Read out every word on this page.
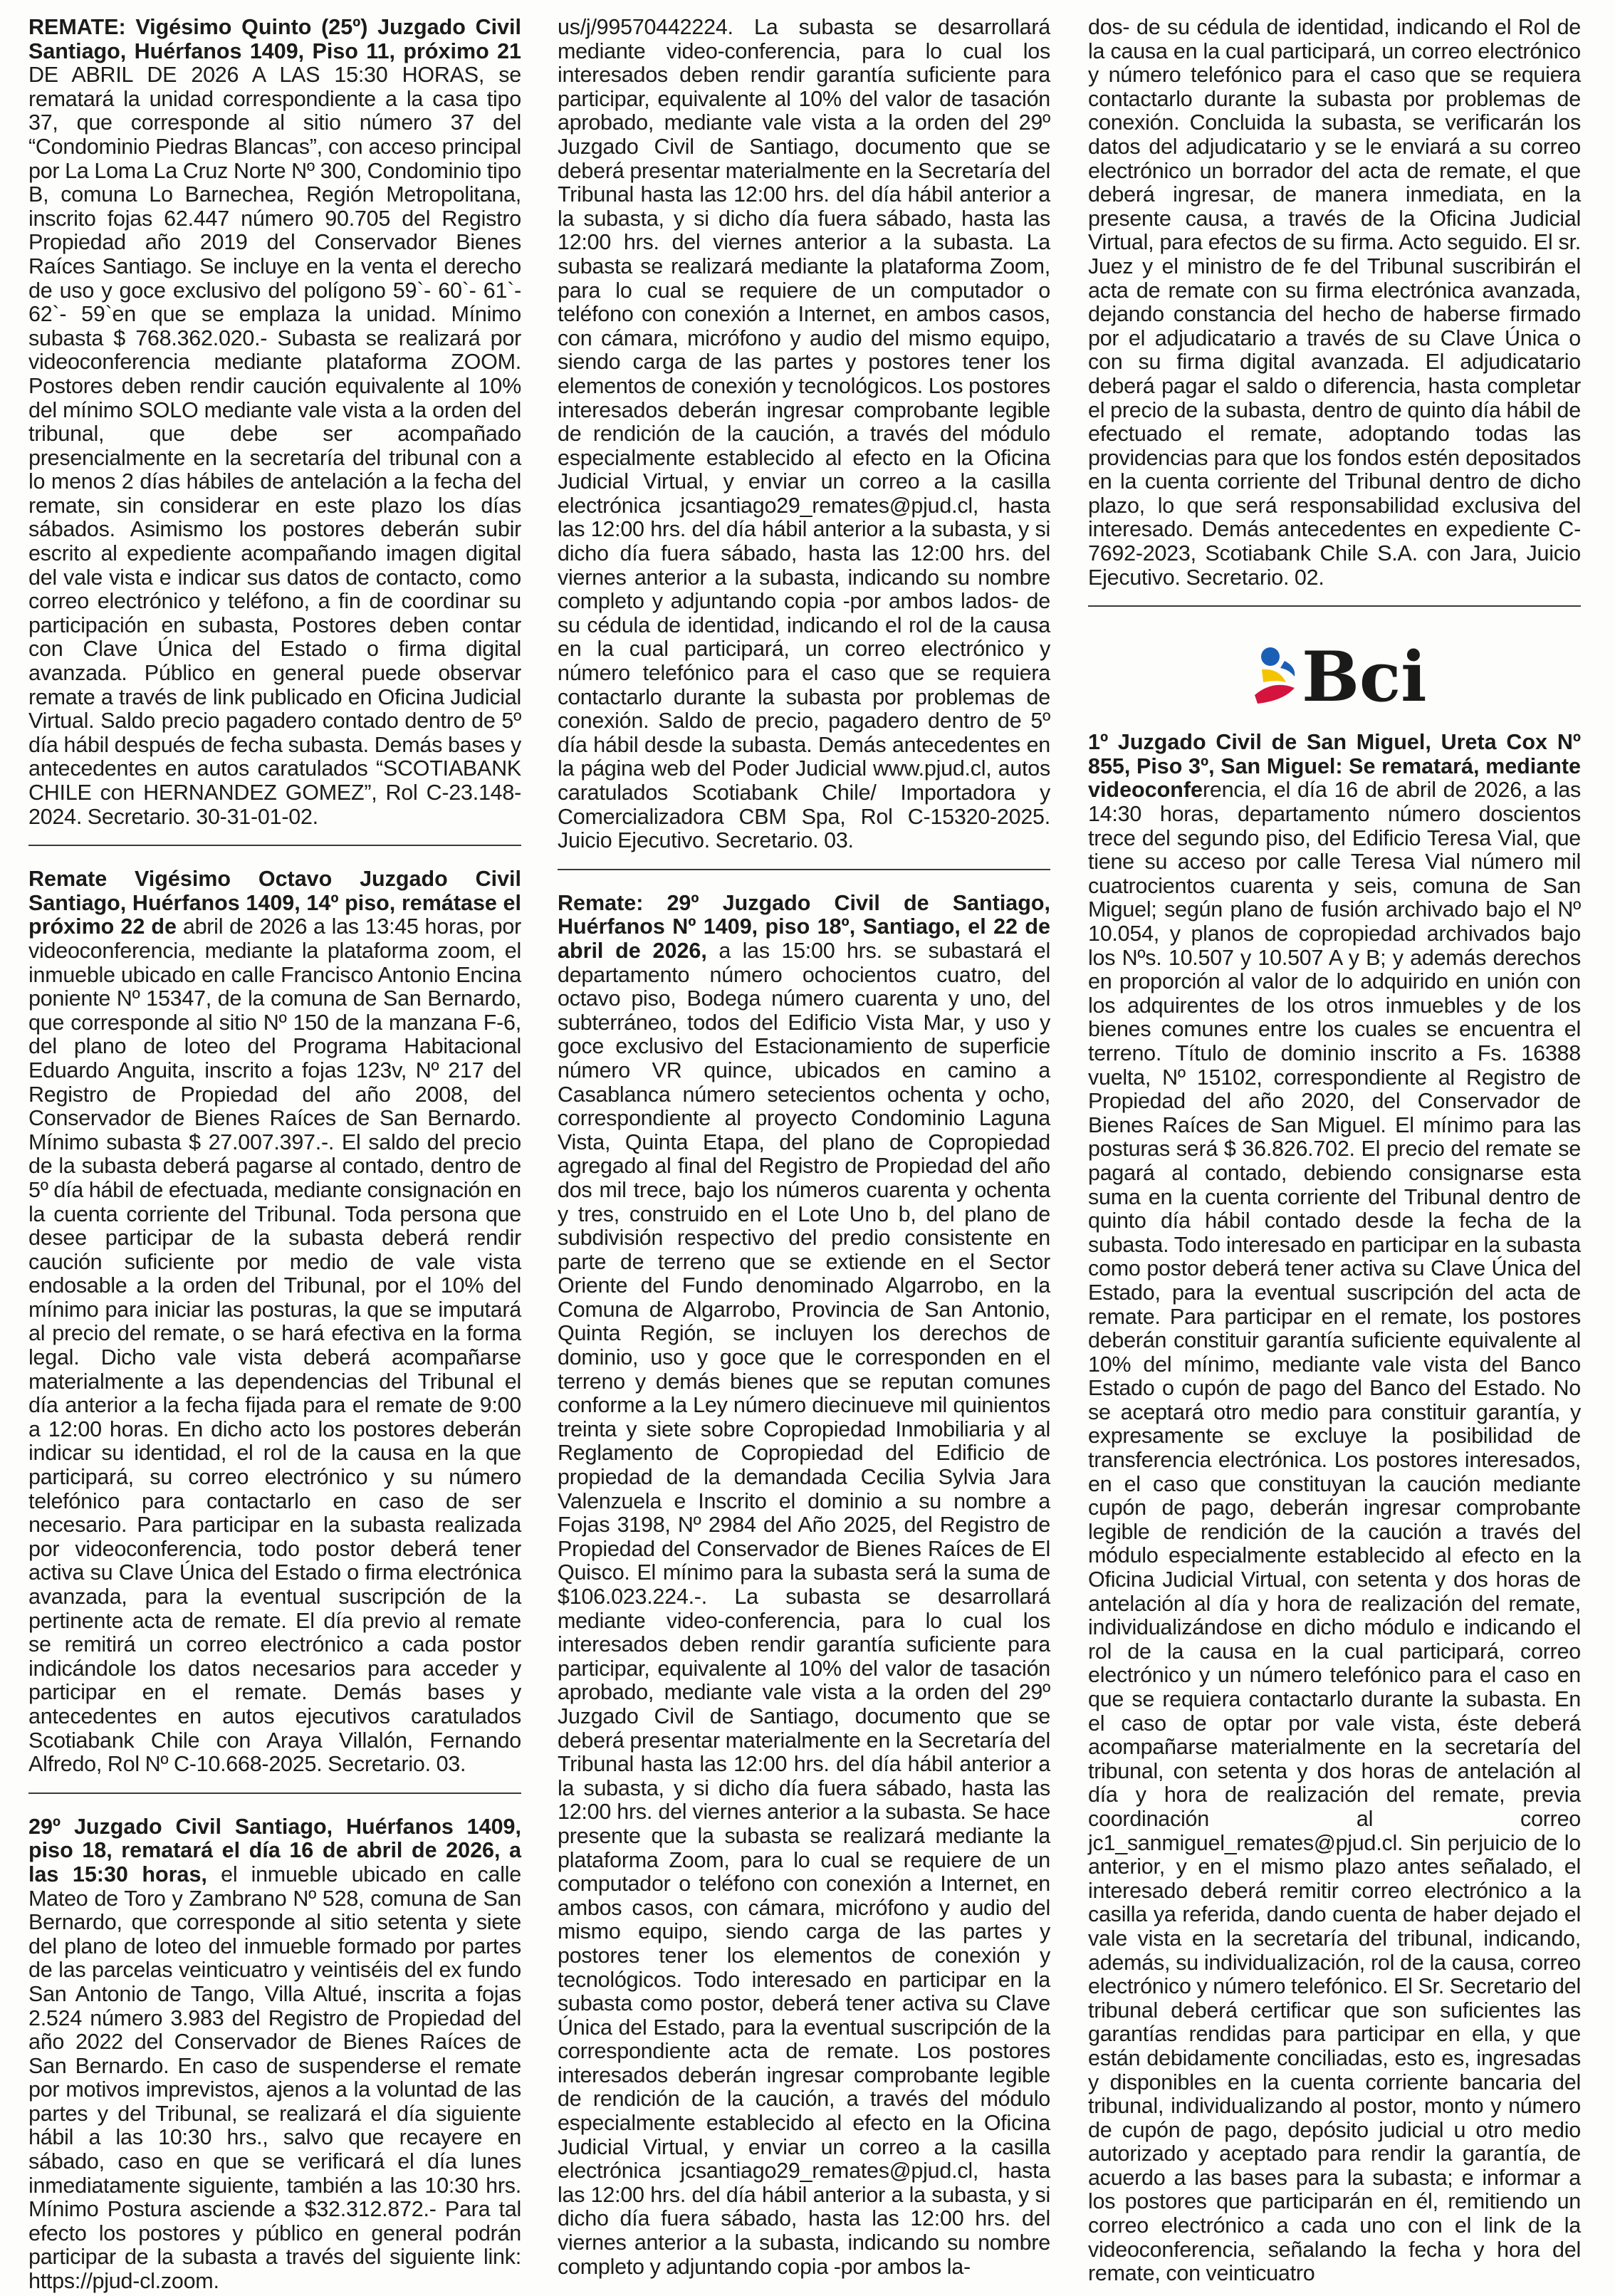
REMATE: Vigésimo Quinto (25º) Juzgado Civil Santiago, Huérfanos 1409, Piso 11, próximo 21 DE ABRIL DE 2026 A LAS 15:30 HORAS, se rematará la unidad correspondiente a la casa tipo 37, que corresponde al sitio número 37 del “Condominio Piedras Blancas”, con acceso principal por La Loma La Cruz Norte Nº 300, Condominio tipo B, comuna Lo Barnechea, Región Metropolitana, inscrito fojas 62.447 número 90.705 del Registro Propiedad año 2019 del Conservador Bienes Raíces Santiago. Se incluye en la venta el derecho de uso y goce exclusivo del polígono 59`- 60`- 61`- 62`- 59`en que se emplaza la unidad. Mínimo subasta $ 768.362.020.- Subasta se realizará por videoconferencia mediante plataforma ZOOM. Postores deben rendir caución equivalente al 10% del mínimo SOLO mediante vale vista a la orden del tribunal, que debe ser acompañado presencialmente en la secretaría del tribunal con a lo menos 2 días hábiles de antelación a la fecha del remate, sin considerar en este plazo los días sábados. Asimismo los postores deberán subir escrito al expediente acompañando imagen digital del vale vista e indicar sus datos de contacto, como correo electrónico y teléfono, a fin de coordinar su participación en subasta, Postores deben contar con Clave Única del Estado o firma digital avanzada. Público en general puede observar remate a través de link publicado en Oficina Judicial Virtual. Saldo precio pagadero contado dentro de 5º día hábil después de fecha subasta. Demás bases y antecedentes en autos caratulados “SCOTIABANK CHILE con HERNANDEZ GOMEZ”, Rol C-23.148-2024. Secretario. 30-31-01-02.

Remate Vigésimo Octavo Juzgado Civil Santiago, Huérfanos 1409, 14º piso, remátase el próximo 22 de abril de 2026 a las 13:45 horas, por videoconferencia, mediante la plataforma zoom, el inmueble ubicado en calle Francisco Antonio Encina poniente Nº 15347, de la comuna de San Bernardo, que corresponde al sitio Nº 150 de la manzana F-6, del plano de loteo del Programa Habitacional Eduardo Anguita, inscrito a fojas 123v, Nº 217 del Registro de Propiedad del año 2008, del Conservador de Bienes Raíces de San Bernardo. Mínimo subasta $ 27.007.397.-. El saldo del precio de la subasta deberá pagarse al contado, dentro de 5º día hábil de efectuada, mediante consignación en la cuenta corriente del Tribunal. Toda persona que desee participar de la subasta deberá rendir caución suficiente por medio de vale vista endosable a la orden del Tribunal, por el 10% del mínimo para iniciar las posturas, la que se imputará al precio del remate, o se hará efectiva en la forma legal. Dicho vale vista deberá acompañarse materialmente a las dependencias del Tribunal el día anterior a la fecha fijada para el remate de 9:00 a 12:00 horas. En dicho acto los postores deberán indicar su identidad, el rol de la causa en la que participará, su correo electrónico y su número telefónico para contactarlo en caso de ser necesario. Para participar en la subasta realizada por videoconferencia, todo postor deberá tener activa su Clave Única del Estado o firma electrónica avanzada, para la eventual suscripción de la pertinente acta de remate. El día previo al remate se remitirá un correo electrónico a cada postor indicándole los datos necesarios para acceder y participar en el remate. Demás bases y antecedentes en autos ejecutivos caratulados Scotiabank Chile con Araya Villalón, Fernando Alfredo, Rol Nº C-10.668-2025. Secretario. 03.

29º Juzgado Civil Santiago, Huérfanos 1409, piso 18, rematará el día 16 de abril de 2026, a las 15:30 horas, el inmueble ubicado en calle Mateo de Toro y Zambrano Nº 528, comuna de San Bernardo, que corresponde al sitio setenta y siete del plano de loteo del inmueble formado por partes de las parcelas veinticuatro y veintiséis del ex fundo San Antonio de Tango, Villa Altué, inscrita a fojas 2.524 número 3.983 del Registro de Propiedad del año 2022 del Conservador de Bienes Raíces de San Bernardo. En caso de suspenderse el remate por motivos imprevistos, ajenos a la voluntad de las partes y del Tribunal, se realizará el día siguiente hábil a las 10:30 hrs., salvo que recayere en sábado, caso en que se verificará el día lunes inmediatamente siguiente, también a las 10:30 hrs. Mínimo Postura asciende a $32.312.872.- Para tal efecto los postores y público en general podrán participar de la subasta a través del siguiente link: https://pjud-cl.zoom.

us/j/99570442224. La subasta se desarrollará mediante video-conferencia, para lo cual los interesados deben rendir garantía suficiente para participar, equivalente al 10% del valor de tasación aprobado, mediante vale vista a la orden del 29º Juzgado Civil de Santiago, documento que se deberá presentar materialmente en la Secretaría del Tribunal hasta las 12:00 hrs. del día hábil anterior a la subasta, y si dicho día fuera sábado, hasta las 12:00 hrs. del viernes anterior a la subasta. La subasta se realizará mediante la plataforma Zoom, para lo cual se requiere de un computador o teléfono con conexión a Internet, en ambos casos, con cámara, micrófono y audio del mismo equipo, siendo carga de las partes y postores tener los elementos de conexión y tecnológicos. Los postores interesados deberán ingresar comprobante legible de rendición de la caución, a través del módulo especialmente establecido al efecto en la Oficina Judicial Virtual, y enviar un correo a la casilla electrónica jcsantiago29_remates@pjud.cl, hasta las 12:00 hrs. del día hábil anterior a la subasta, y si dicho día fuera sábado, hasta las 12:00 hrs. del viernes anterior a la subasta, indicando su nombre completo y adjuntando copia -por ambos lados- de su cédula de identidad, indicando el rol de la causa en la cual participará, un correo electrónico y número telefónico para el caso que se requiera contactarlo durante la subasta por problemas de conexión. Saldo de precio, pagadero dentro de 5º día hábil desde la subasta. Demás antecedentes en la página web del Poder Judicial www.pjud.cl, autos caratulados Scotiabank Chile/ Importadora y Comercializadora CBM Spa, Rol C-15320-2025. Juicio Ejecutivo. Secretario. 03.

Remate: 29º Juzgado Civil de Santiago, Huérfanos Nº 1409, piso 18º, Santiago, el 22 de abril de 2026, a las 15:00 hrs. se subastará el departamento número ochocientos cuatro, del octavo piso, Bodega número cuarenta y uno, del subterráneo, todos del Edificio Vista Mar, y uso y goce exclusivo del Estacionamiento de superficie número VR quince, ubicados en camino a Casablanca número setecientos ochenta y ocho, correspondiente al proyecto Condominio Laguna Vista, Quinta Etapa, del plano de Copropiedad agregado al final del Registro de Propiedad del año dos mil trece, bajo los números cuarenta y ochenta y tres, construido en el Lote Uno b, del plano de subdivisión respectivo del predio consistente en parte de terreno que se extiende en el Sector Oriente del Fundo denominado Algarrobo, en la Comuna de Algarrobo, Provincia de San Antonio, Quinta Región, se incluyen los derechos de dominio, uso y goce que le corresponden en el terreno y demás bienes que se reputan comunes conforme a la Ley número diecinueve mil quinientos treinta y siete sobre Copropiedad Inmobiliaria y al Reglamento de Copropiedad del Edificio de propiedad de la demandada Cecilia Sylvia Jara Valenzuela e Inscrito el dominio a su nombre a Fojas 3198, Nº 2984 del Año 2025, del Registro de Propiedad del Conservador de Bienes Raíces de El Quisco. El mínimo para la subasta será la suma de $106.023.224.-. La subasta se desarrollará mediante video-conferencia, para lo cual los interesados deben rendir garantía suficiente para participar, equivalente al 10% del valor de tasación aprobado, mediante vale vista a la orden del 29º Juzgado Civil de Santiago, documento que se deberá presentar materialmente en la Secretaría del Tribunal hasta las 12:00 hrs. del día hábil anterior a la subasta, y si dicho día fuera sábado, hasta las 12:00 hrs. del viernes anterior a la subasta. Se hace presente que la subasta se realizará mediante la plataforma Zoom, para lo cual se requiere de un computador o teléfono con conexión a Internet, en ambos casos, con cámara, micrófono y audio del mismo equipo, siendo carga de las partes y postores tener los elementos de conexión y tecnológicos. Todo interesado en participar en la subasta como postor, deberá tener activa su Clave Única del Estado, para la eventual suscripción de la correspondiente acta de remate. Los postores interesados deberán ingresar comprobante legible de rendición de la caución, a través del módulo especialmente establecido al efecto en la Oficina Judicial Virtual, y enviar un correo a la casilla electrónica jcsantiago29_remates@pjud.cl, hasta las 12:00 hrs. del día hábil anterior a la subasta, y si dicho día fuera sábado, hasta las 12:00 hrs. del viernes anterior a la subasta, indicando su nombre completo y adjuntando copia -por ambos la-

dos- de su cédula de identidad, indicando el Rol de la causa en la cual participará, un correo electrónico y número telefónico para el caso que se requiera contactarlo durante la subasta por problemas de conexión. Concluida la subasta, se verificarán los datos del adjudicatario y se le enviará a su correo electrónico un borrador del acta de remate, el que deberá ingresar, de manera inmediata, en la presente causa, a través de la Oficina Judicial Virtual, para efectos de su firma. Acto seguido. El sr. Juez y el ministro de fe del Tribunal suscribirán el acta de remate con su firma electrónica avanzada, dejando constancia del hecho de haberse firmado por el adjudicatario a través de su Clave Única o con su firma digital avanzada. El adjudicatario deberá pagar el saldo o diferencia, hasta completar el precio de la subasta, dentro de quinto día hábil de efectuado el remate, adoptando todas las providencias para que los fondos estén depositados en la cuenta corriente del Tribunal dentro de dicho plazo, lo que será responsabilidad exclusiva del interesado. Demás antecedentes en expediente C-7692-2023, Scotiabank Chile S.A. con Jara, Juicio Ejecutivo. Secretario. 02.

Bci

1º Juzgado Civil de San Miguel, Ureta Cox Nº 855, Piso 3º, San Miguel: Se rematará, mediante videoconferencia, el día 16 de abril de 2026, a las 14:30 horas, departamento número doscientos trece del segundo piso, del Edificio Teresa Vial, que tiene su acceso por calle Teresa Vial número mil cuatrocientos cuarenta y seis, comuna de San Miguel; según plano de fusión archivado bajo el Nº 10.054, y planos de copropiedad archivados bajo los Nºs. 10.507 y 10.507 A y B; y además derechos en proporción al valor de lo adquirido en unión con los adquirentes de los otros inmuebles y de los bienes comunes entre los cuales se encuentra el terreno. Título de dominio inscrito a Fs. 16388 vuelta, Nº 15102, correspondiente al Registro de Propiedad del año 2020, del Conservador de Bienes Raíces de San Miguel. El mínimo para las posturas será $ 36.826.702. El precio del remate se pagará al contado, debiendo consignarse esta suma en la cuenta corriente del Tribunal dentro de quinto día hábil contado desde la fecha de la subasta. Todo interesado en participar en la subasta como postor deberá tener activa su Clave Única del Estado, para la eventual suscripción del acta de remate. Para participar en el remate, los postores deberán constituir garantía suficiente equivalente al 10% del mínimo, mediante vale vista del Banco Estado o cupón de pago del Banco del Estado. No se aceptará otro medio para constituir garantía, y expresamente se excluye la posibilidad de transferencia electrónica. Los postores interesados, en el caso que constituyan la caución mediante cupón de pago, deberán ingresar comprobante legible de rendición de la caución a través del módulo especialmente establecido al efecto en la Oficina Judicial Virtual, con setenta y dos horas de antelación al día y hora de realización del remate, individualizándose en dicho módulo e indicando el rol de la causa en la cual participará, correo electrónico y un número telefónico para el caso en que se requiera contactarlo durante la subasta. En el caso de optar por vale vista, éste deberá acompañarse materialmente en la secretaría del tribunal, con setenta y dos horas de antelación al día y hora de realización del remate, previa coordinación al correo jc1_sanmiguel_remates@pjud.cl. Sin perjuicio de lo anterior, y en el mismo plazo antes señalado, el interesado deberá remitir correo electrónico a la casilla ya referida, dando cuenta de haber dejado el vale vista en la secretaría del tribunal, indicando, además, su individualización, rol de la causa, correo electrónico y número telefónico. El Sr. Secretario del tribunal deberá certificar que son suficientes las garantías rendidas para participar en ella, y que están debidamente conciliadas, esto es, ingresadas y disponibles en la cuenta corriente bancaria del tribunal, individualizando al postor, monto y número de cupón de pago, depósito judicial u otro medio autorizado y aceptado para rendir la garantía, de acuerdo a las bases para la subasta; e informar a los postores que participarán en él, remitiendo un correo electrónico a cada uno con el link de la videoconferencia, señalando la fecha y hora del remate, con veinticuatro
